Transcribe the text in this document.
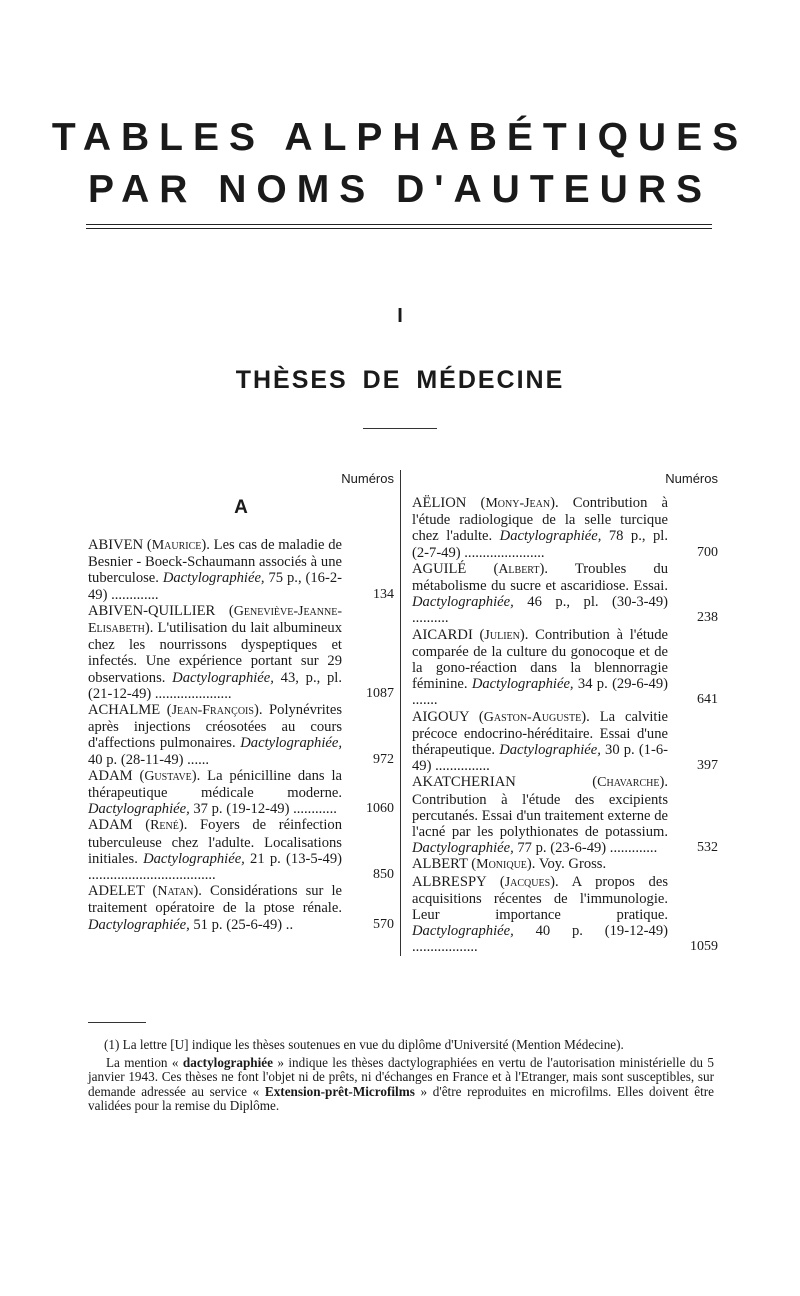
TABLES ALPHABÉTIQUES
PAR NOMS D'AUTEURS
I
THÈSES DE MÉDECINE
Numéros
A
ABIVEN (Maurice). Les cas de maladie de Besnier - Boeck-Schaumann associés à une tuberculose. Dactylographiée, 75 p., (16-2-49) .............	134
ABIVEN-QUILLIER (Geneviève-Jeanne-Elisabeth). L'utilisation du lait albumineux chez les nourrissons dyspeptiques et infectés. Une expérience portant sur 29 observations. Dactylographiée, 43, p., pl. (21-12-49) .....................	1087
ACHALME (Jean-François). Polynévrites après injections créosotées au cours d'affections pulmonaires. Dactylographiée, 40 p. (28-11-49) ......	972
ADAM (Gustave). La pénicilline dans la thérapeutique médicale moderne. Dactylographiée, 37 p. (19-12-49) ............	1060
ADAM (René). Foyers de réinfection tuberculeuse chez l'adulte. Localisations initiales. Dactylographiée, 21 p. (13-5-49) ...................................	850
ADELET (Natan). Considérations sur le traitement opératoire de la ptose rénale. Dactylographiée, 51 p. (25-6-49) ..	570
Numéros
AËLION (Mony-Jean). Contribution à l'étude radiologique de la selle turcique chez l'adulte. Dactylographiée, 78 p., pl. (2-7-49) ......................	700
AGUILÉ (Albert). Troubles du métabolisme du sucre et ascaridiose. Essai. Dactylographiée, 46 p., pl. (30-3-49) ..........	238
AICARDI (Julien). Contribution à l'étude comparée de la culture du gonocoque et de la gono-réaction dans la blennorragie féminine. Dactylographiée, 34 p. (29-6-49) .......	641
AIGOUY (Gaston-Auguste). La calvitie précoce endocrino-héréditaire. Essai d'une thérapeutique. Dactylographiée, 30 p. (1-6-49) ...............	397
AKATCHERIAN (Chavarche). Contribution à l'étude des excipients percutanés. Essai d'un traitement externe de l'acné par les polythionates de potassium. Dactylographiée, 77 p. (23-6-49) .............	532
ALBERT (Monique). Voy. Gross.
ALBRESPY (Jacques). A propos des acquisitions récentes de l'immunologie. Leur importance pratique. Dactylographiée, 40 p. (19-12-49) ..................	1059

(1) La lettre [U] indique les thèses soutenues en vue du diplôme d'Université (Mention Médecine).

La mention « dactylographiée » indique les thèses dactylographiées en vertu de l'autorisation ministérielle du 5 janvier 1943. Ces thèses ne font l'objet ni de prêts, ni d'échanges en France et à l'Etranger, mais sont susceptibles, sur demande adressée au service « Extension-prêt-Microfilms » d'être reproduites en microfilms. Elles doivent être validées pour la remise du Diplôme.
